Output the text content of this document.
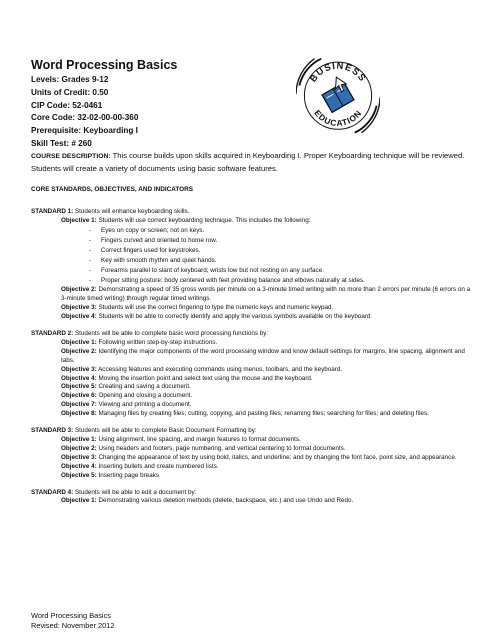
Word Processing Basics
Levels: Grades 9-12
Units of Credit: 0.50
CIP Code: 52-0461
Core Code: 32-02-00-00-360
Prerequisite: Keyboarding I
Skill Test: # 260
BUSINESS
EDUCATION

COURSE DESCRIPTION: This course builds upon skills acquired in Keyboarding I. Proper Keyboarding technique will be reviewed. Students will create a variety of documents using basic software features.

CORE STANDARDS, OBJECTIVES, AND INDICATORS

STANDARD 1: Students will enhance keyboarding skills.

Objective 1: Students will use correct keyboarding technique. This includes the following:

- Eyes on copy or screen; not on keys.
- Fingers curved and oriented to home row.
- Correct fingers used for keystrokes.
- Key with smooth rhythm and quiet hands.
- Forearms parallel to slant of keyboard; wrists low but not resting on any surface.
- Proper sitting posture: body centered with feet providing balance and elbows naturally at sides.

Objective 2: Demonstrating a speed of 35 gross words per minute on a 3-minute timed writing with no more than 2 errors per minute (6 errors on a 3-minute timed writing) through regular timed writings.

Objective 3: Students will use the correct fingering to type the numeric keys and numeric keypad.

Objective 4: Students will be able to correctly identify and apply the various symbols available on the keyboard.

STANDARD 2: Students will be able to complete basic word processing functions by:

Objective 1: Following written step-by-step instructions.

Objective 2: Identifying the major components of the word processing window and know default settings for margins, line spacing, alignment and tabs.

Objective 3: Accessing features and executing commands using menus, toolbars, and the keyboard.

Objective 4: Moving the insertion point and select text using the mouse and the keyboard.

Objective 5: Creating and saving a document.

Objective 6: Opening and closing a document.

Objective 7: Viewing and printing a document.

Objective 8: Managing files by creating files; cutting, copying, and pasting files; renaming files; searching for files; and deleting files.

STANDARD 3: Students will be able to complete Basic Document Formatting by:

Objective 1: Using alignment, line spacing, and margin features to format documents.

Objective 2: Using headers and footers, page numbering, and vertical centering to format documents.

Objective 3: Changing the appearance of text by using bold, italics, and underline; and by changing the font face, point size, and appearance.

Objective 4: Inserting bullets and create numbered lists.

Objective 5: Inserting page breaks

STANDARD 4: Students will be able to edit a document by:

Objective 1: Demonstrating various deletion methods (delete, backspace, etc.) and use Undo and Redo.

Word Processing Basics
Revised: November 2012
